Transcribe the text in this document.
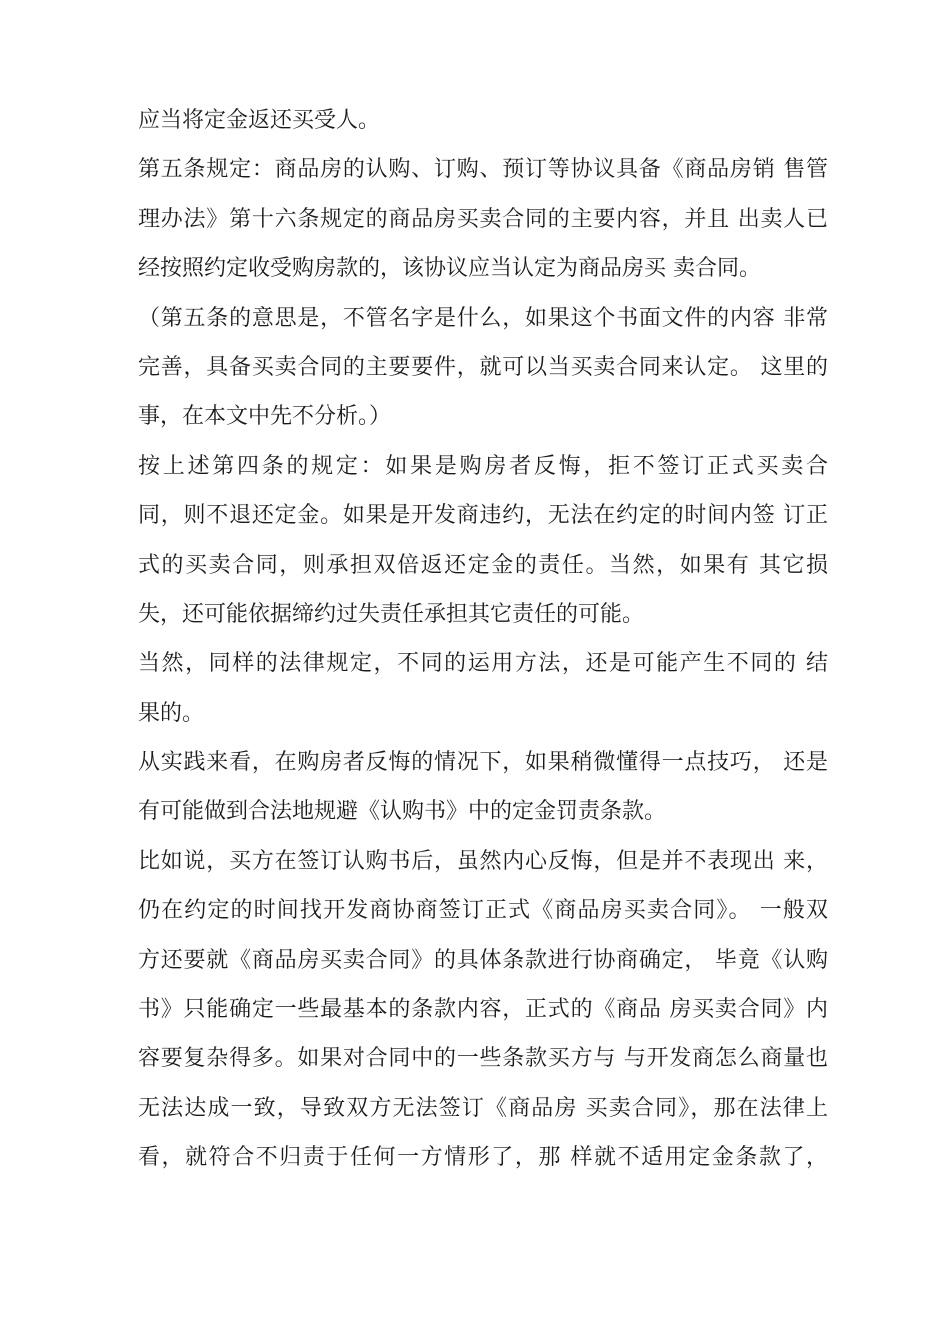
应当将定金返还买受人。
第五条规定：商品房的认购、订购、预订等协议具备《商品房销 售管
理办法》第十六条规定的商品房买卖合同的主要内容，并且 出卖人已
经按照约定收受购房款的，该协议应当认定为商品房买 卖合同。
（第五条的意思是，不管名字是什么，如果这个书面文件的内容 非常
完善，具备买卖合同的主要要件，就可以当买卖合同来认定。 这里的
事，在本文中先不分析。）
按上述第四条的规定：如果是购房者反悔，拒不签订正式买卖合
同，则不退还定金。如果是开发商违约，无法在约定的时间内签 订正
式的买卖合同，则承担双倍返还定金的责任。当然，如果有 其它损
失，还可能依据缔约过失责任承担其它责任的可能。
当然，同样的法律规定，不同的运用方法，还是可能产生不同的 结
果的。
从实践来看，在购房者反悔的情况下，如果稍微懂得一点技巧， 还是
有可能做到合法地规避《认购书》中的定金罚责条款。
比如说，买方在签订认购书后，虽然内心反悔，但是并不表现出 来，
仍在约定的时间找开发商协商签订正式《商品房买卖合同》。 一般双
方还要就《商品房买卖合同》的具体条款进行协商确定， 毕竟《认购
书》只能确定一些最基本的条款内容，正式的《商品 房买卖合同》内
容要复杂得多。如果对合同中的一些条款买方与 与开发商怎么商量也
无法达成一致，导致双方无法签订《商品房 买卖合同》，那在法律上
看，就符合不归责于任何一方情形了，那 样就不适用定金条款了，
